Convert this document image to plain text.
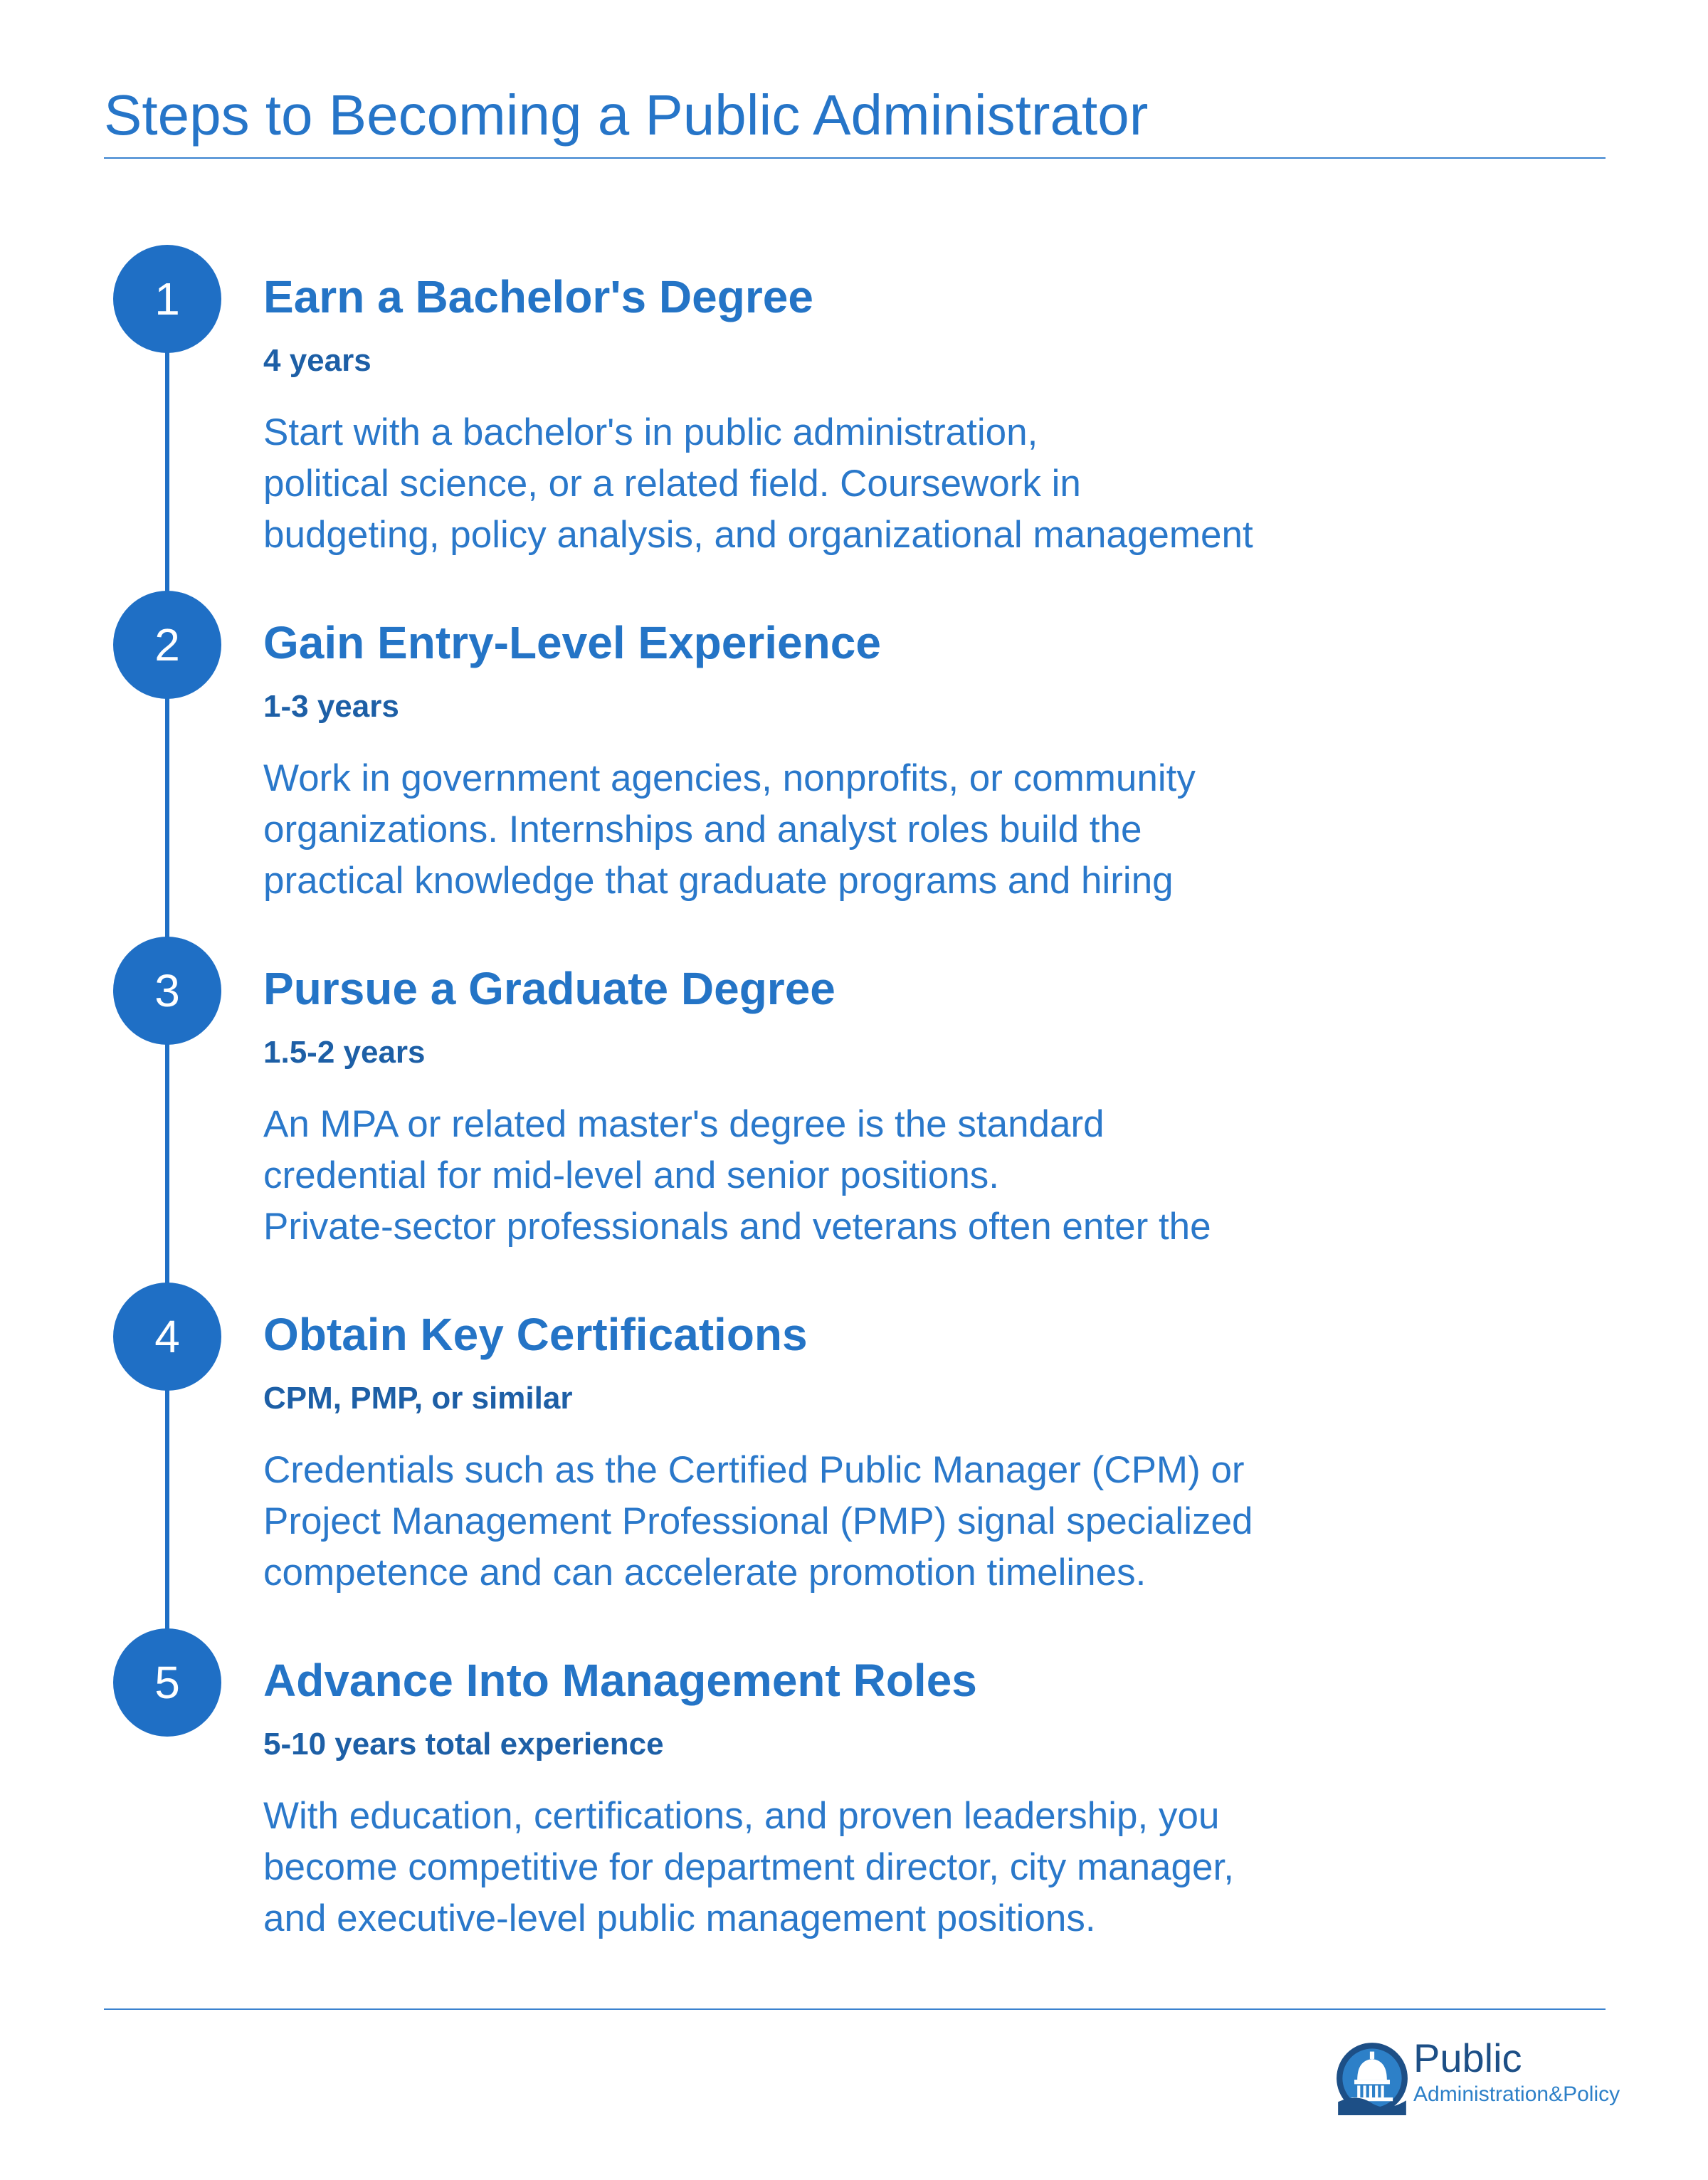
Steps to Becoming a Public Administrator
1	Earn a Bachelor's Degree
4 years
Start with a bachelor's in public administration,
political science, or a related field. Coursework in
budgeting, policy analysis, and organizational management
2	Gain Entry-Level Experience
1-3 years
Work in government agencies, nonprofits, or community
organizations. Internships and analyst roles build the
practical knowledge that graduate programs and hiring
3	Pursue a Graduate Degree
1.5-2 years
An MPA or related master's degree is the standard
credential for mid-level and senior positions.
Private-sector professionals and veterans often enter the
4	Obtain Key Certifications
CPM, PMP, or similar
Credentials such as the Certified Public Manager (CPM) or
Project Management Professional (PMP) signal specialized
competence and can accelerate promotion timelines.
5	Advance Into Management Roles
5-10 years total experience
With education, certifications, and proven leadership, you
become competitive for department director, city manager,
and executive-level public management positions.
Public
Administration&Policy
